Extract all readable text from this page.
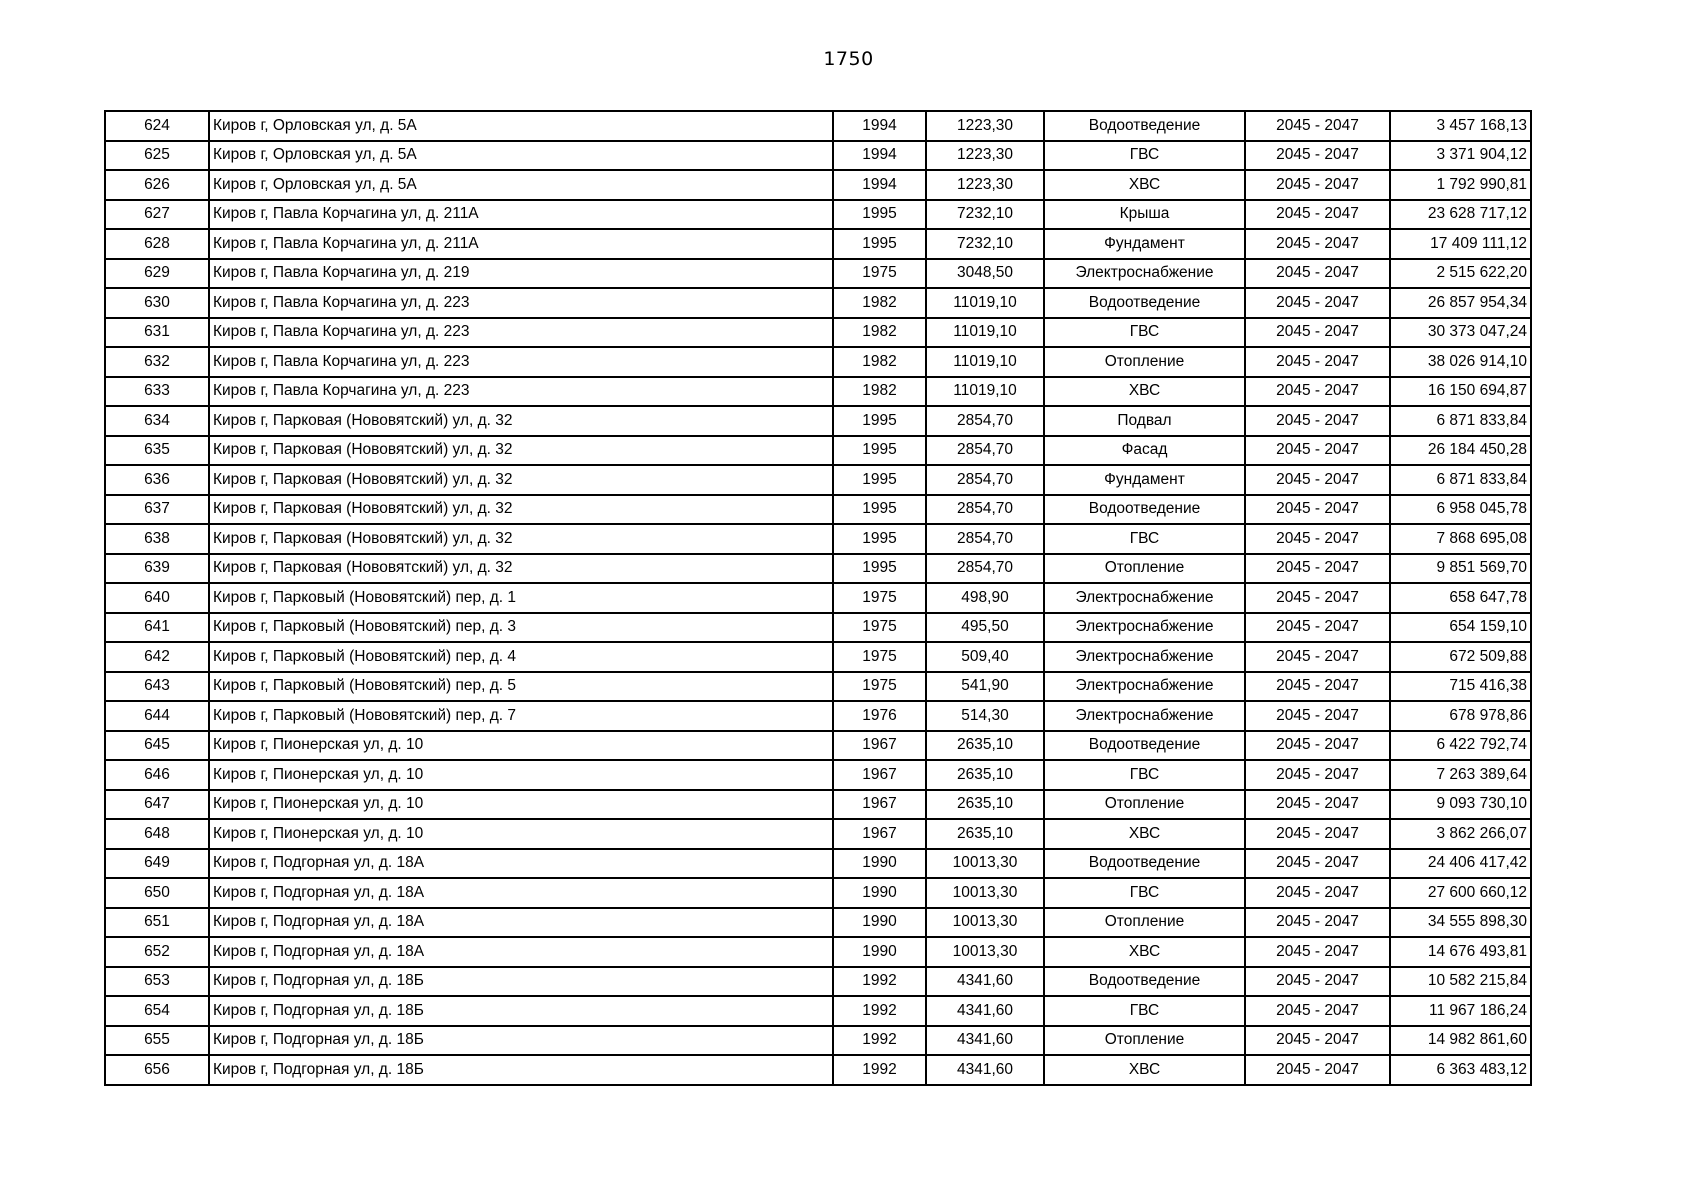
1750
624	Киров г, Орловская ул, д. 5А	1994	1223,30	Водоотведение	2045 - 2047	3 457 168,13
625	Киров г, Орловская ул, д. 5А	1994	1223,30	ГВС	2045 - 2047	3 371 904,12
626	Киров г, Орловская ул, д. 5А	1994	1223,30	ХВС	2045 - 2047	1 792 990,81
627	Киров г, Павла Корчагина ул, д. 211А	1995	7232,10	Крыша	2045 - 2047	23 628 717,12
628	Киров г, Павла Корчагина ул, д. 211А	1995	7232,10	Фундамент	2045 - 2047	17 409 111,12
629	Киров г, Павла Корчагина ул, д. 219	1975	3048,50	Электроснабжение	2045 - 2047	2 515 622,20
630	Киров г, Павла Корчагина ул, д. 223	1982	11019,10	Водоотведение	2045 - 2047	26 857 954,34
631	Киров г, Павла Корчагина ул, д. 223	1982	11019,10	ГВС	2045 - 2047	30 373 047,24
632	Киров г, Павла Корчагина ул, д. 223	1982	11019,10	Отопление	2045 - 2047	38 026 914,10
633	Киров г, Павла Корчагина ул, д. 223	1982	11019,10	ХВС	2045 - 2047	16 150 694,87
634	Киров г, Парковая (Нововятский) ул, д. 32	1995	2854,70	Подвал	2045 - 2047	6 871 833,84
635	Киров г, Парковая (Нововятский) ул, д. 32	1995	2854,70	Фасад	2045 - 2047	26 184 450,28
636	Киров г, Парковая (Нововятский) ул, д. 32	1995	2854,70	Фундамент	2045 - 2047	6 871 833,84
637	Киров г, Парковая (Нововятский) ул, д. 32	1995	2854,70	Водоотведение	2045 - 2047	6 958 045,78
638	Киров г, Парковая (Нововятский) ул, д. 32	1995	2854,70	ГВС	2045 - 2047	7 868 695,08
639	Киров г, Парковая (Нововятский) ул, д. 32	1995	2854,70	Отопление	2045 - 2047	9 851 569,70
640	Киров г, Парковый (Нововятский) пер, д. 1	1975	498,90	Электроснабжение	2045 - 2047	658 647,78
641	Киров г, Парковый (Нововятский) пер, д. 3	1975	495,50	Электроснабжение	2045 - 2047	654 159,10
642	Киров г, Парковый (Нововятский) пер, д. 4	1975	509,40	Электроснабжение	2045 - 2047	672 509,88
643	Киров г, Парковый (Нововятский) пер, д. 5	1975	541,90	Электроснабжение	2045 - 2047	715 416,38
644	Киров г, Парковый (Нововятский) пер, д. 7	1976	514,30	Электроснабжение	2045 - 2047	678 978,86
645	Киров г, Пионерская ул, д. 10	1967	2635,10	Водоотведение	2045 - 2047	6 422 792,74
646	Киров г, Пионерская ул, д. 10	1967	2635,10	ГВС	2045 - 2047	7 263 389,64
647	Киров г, Пионерская ул, д. 10	1967	2635,10	Отопление	2045 - 2047	9 093 730,10
648	Киров г, Пионерская ул, д. 10	1967	2635,10	ХВС	2045 - 2047	3 862 266,07
649	Киров г, Подгорная ул, д. 18А	1990	10013,30	Водоотведение	2045 - 2047	24 406 417,42
650	Киров г, Подгорная ул, д. 18А	1990	10013,30	ГВС	2045 - 2047	27 600 660,12
651	Киров г, Подгорная ул, д. 18А	1990	10013,30	Отопление	2045 - 2047	34 555 898,30
652	Киров г, Подгорная ул, д. 18А	1990	10013,30	ХВС	2045 - 2047	14 676 493,81
653	Киров г, Подгорная ул, д. 18Б	1992	4341,60	Водоотведение	2045 - 2047	10 582 215,84
654	Киров г, Подгорная ул, д. 18Б	1992	4341,60	ГВС	2045 - 2047	11 967 186,24
655	Киров г, Подгорная ул, д. 18Б	1992	4341,60	Отопление	2045 - 2047	14 982 861,60
656	Киров г, Подгорная ул, д. 18Б	1992	4341,60	ХВС	2045 - 2047	6 363 483,12
